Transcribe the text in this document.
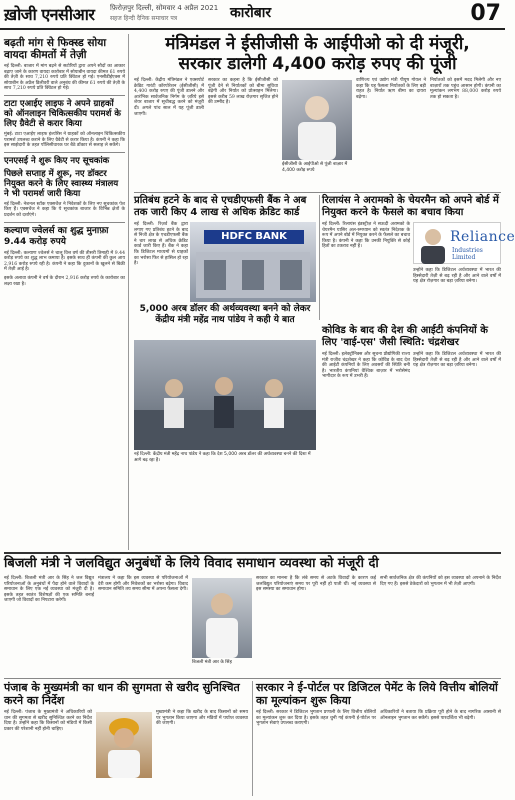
ख़ोजी एनसीआर फ़िरोज़पुर दिल्ली, सोमवार 4 अप्रैल 2021
सहज हिन्दी दैनिक समाचार पत्र	कारोबार	07
बढ़ती मांग से फिक्स्ड सोया वायदा कीमतों में तेज़ी
नई दिल्ली: बाजार में मांग बढ़ने से सटोरियों द्वारा अपने सौदों का आकार बढ़ाए जाने के कारण वायदा कारोबार में सोयाबीन वायदा कीमत 61 रुपये की तेज़ी के साथ 7,210 रुपये प्रति क्विंटल हो गई। एनसीडीईएक्स में सोयाबीन के अप्रैल डिलीवरी वाले अनुबंध की कीमत 61 रुपये की तेज़ी के साथ 7,210 रुपये प्रति क्विंटल हो गई।
टाटा एआईए लाइफ ने अपने ग्राहकों को ऑनलाइन चिकित्सकीय परामर्श के लिए ग्रैवेटी से करार किया
मुंबई: टाटा एआईए लाइफ इंश्योरेंस ने ग्राहकों को ऑनलाइन चिकित्सकीय परामर्श उपलब्ध कराने के लिए ग्रैवेटी से करार किया है। कंपनी ने कहा कि इस साझेदारी के तहत पॉलिसीधारक घर बैठे डॉक्टर से सलाह ले सकेंगे।
एनएसई ने शुरू किए नए सूचकांक
पिछले सप्ताह में शुरू, नए डॉक्टर नियुक्त करने के लिए स्वास्थ्य मंत्रालय ने भी परामर्श जारी किया
नई दिल्ली: नेशनल स्टॉक एक्सचेंज ने निवेशकों के लिए नए सूचकांक पेश किए हैं। एक्सचेंज ने कहा कि ये सूचकांक बाजार के विभिन्न क्षेत्रों के प्रदर्शन को दर्शाएंगे।
कल्याण ज्वेलर्स का शुद्ध मुनाफ़ा 9.44 करोड़ रुपये
नई दिल्ली: कल्याण ज्वेलर्स ने चालू वित्त वर्ष की तीसरी तिमाही में 9.44 करोड़ रुपये का शुद्ध लाभ कमाया है। इसके साथ ही कंपनी की कुल आय 2,916 करोड़ रुपये रही है। कंपनी ने कहा कि दुकानों के खुलने से बिक्री में तेज़ी आई है।
इसके अलावा कंपनी ने वर्ष के दौरान 2,916 करोड़ रुपये के कारोबार का लक्ष्य रखा है।
मंत्रिमंडल ने ईसीजीसी के आईपीओ को दी मंजूरी,
सरकार डालेगी 4,400 करोड़ रुपए की पूंजी
नई दिल्ली: केंद्रीय मंत्रिमंडल ने एक्सपोर्ट क्रेडिट गारंटी कॉरपोरेशन (ईसीजीसी) में 4,400 करोड़ रुपए की पूंजी डालने और आरंभिक सार्वजनिक निर्गम के ज़रिये इसे शेयर बाजार में सूचीबद्ध करने को मंज़ूरी दी। अगले पांच साल में यह पूंजी डाली जाएगी।
सरकार का कहना है कि ईसीजीसी को पूंजी देने से निर्यातकों को बीमा सुविधा बढ़ेगी और निर्यात को प्रोत्साहन मिलेगा। इससे करीब 59 लाख रोज़गार सृजित होने की उम्मीद है।
ईसीजीसी के आईपीओ से पूंजी बाज़ार में 4,400 करोड़ रुपये
वाणिज्य एवं उद्योग मंत्री पीयूष गोयल ने कहा कि यह फैसला निर्यातकों के लिए बड़ी राहत है। निर्यात ऋण बीमा का दायरा बढ़ेगा।
निर्यातकों को इसमें मदद मिलेगी और नए बाज़ारों तक पहुंच आसान होगी। कंपनी का मूल्यांकन लगभग 88,000 करोड़ रुपये तक हो सकता है।
प्रतिबंध हटने के बाद से एचडीएफसी बैंक ने अब तक जारी किए 4 लाख से अधिक क्रेडिट कार्ड
नई दिल्ली: रिज़र्व बैंक द्वारा लगाए गए प्रतिबंध हटने के बाद से निजी क्षेत्र के एचडीएफसी बैंक ने चार लाख से अधिक क्रेडिट कार्ड जारी किए हैं। बैंक ने कहा कि डिजिटल माध्यमों से ग्राहकों का भरोसा फिर से हासिल हो रहा है।
HDFC BANK
रिलायंस ने अरामको के चेयरमैन को अपने बोर्ड में नियुक्त करने के फैसले का बचाव किया
नई दिल्ली: रिलायंस इंडस्ट्रीज़ ने सऊदी अरामको के चेयरमैन यासिर अल-रुमय्यान को स्वतंत्र निदेशक के रूप में अपने बोर्ड में नियुक्त करने के फैसले का बचाव किया है। कंपनी ने कहा कि उनकी नियुक्ति से कोई हितों का टकराव नहीं है।
Reliance
Industries Limited
उन्होंने कहा कि डिजिटल अर्थव्यवस्था में भारत की हिस्सेदारी तेज़ी से बढ़ रही है और आने वाले वर्षों में यह क्षेत्र रोज़गार का बड़ा ज़रिया बनेगा।
5,000 अरब डॉलर की अर्थव्यवस्था बनने को लेकर केंद्रीय मंत्री महेंद्र नाथ पांडेय ने कही ये बात
नई दिल्ली: केंद्रीय मंत्री महेंद्र नाथ पांडेय ने कहा कि देश 5,000 अरब डॉलर की अर्थव्यवस्था बनने की दिशा में आगे बढ़ रहा है।
कोविड के बाद की देश की आईटी कंपनियों के लिए 'वाई-एस' जैसी स्थिति: चंद्रशेखर
नई दिल्ली: इलेक्ट्रॉनिक्स और सूचना प्रौद्योगिकी राज्य मंत्री राजीव चंद्रशेखर ने कहा कि कोविड के बाद देश की आईटी कंपनियों के लिए अवसरों की स्थिति बनी है। भारतीय कंपनियां वैश्विक बाज़ार में भरोसेमंद भागीदार के रूप में उभरी हैं।
उन्होंने कहा कि डिजिटल अर्थव्यवस्था में भारत की हिस्सेदारी तेज़ी से बढ़ रही है और आने वाले वर्षों में यह क्षेत्र रोज़गार का बड़ा ज़रिया बनेगा।
बिजली मंत्री ने जलविद्युत अनुबंधों के लिये विवाद समाधान व्यवस्था को मंजूरी दी
नई दिल्ली: बिजली मंत्री आर के सिंह ने जल विद्युत परियोजनाओं के अनुबंधों में पैदा होने वाले विवादों के समाधान के लिए एक नई व्यवस्था को मंज़ूरी दी है। इसके तहत स्वतंत्र विशेषज्ञों की एक समिति बनाई जाएगी जो विवादों का निपटारा करेगी।
मंत्रालय ने कहा कि इस व्यवस्था से परियोजनाओं में देरी कम होगी और निवेशकों का भरोसा बढ़ेगा। विवाद समाधान समिति तय समय सीमा में अपना फैसला देगी।
बिजली मंत्री आर के सिंह
सरकार का मानना है कि लंबे समय से अटके विवादों के कारण कई जलविद्युत परियोजनाएं समय पर पूरी नहीं हो पाती थीं। नई व्यवस्था से इस समस्या का समाधान होगा।
सभी सार्वजनिक क्षेत्र की कंपनियों को इस व्यवस्था को अपनाने के निर्देश दिए गए हैं। इससे ठेकेदारों को भुगतान में भी तेज़ी आएगी।
पंजाब के मुख्यमंत्री का धान की सुगमता से खरीद सुनिश्चित करने का निर्देश
नई दिल्ली: पंजाब के मुख्यमंत्री ने अधिकारियों को धान की सुगमता से खरीद सुनिश्चित करने का निर्देश दिया है। उन्होंने कहा कि किसानों को मंडियों में किसी प्रकार की परेशानी नहीं होनी चाहिए।
मुख्यमंत्री ने कहा कि खरीद के बाद किसानों को समय पर भुगतान किया जाएगा और मंडियों में पर्याप्त व्यवस्था की जाएगी।
सरकार ने ई-पोर्टल पर डिजिटल पेमेंट के लिये वित्तीय बोलियों का मूल्यांकन शुरू किया
नई दिल्ली: सरकार ने डिजिटल भुगतान प्रणाली के लिए वित्तीय बोलियों का मूल्यांकन शुरू कर दिया है। इसके तहत चुनी गई कंपनी ई-पोर्टल पर भुगतान सेवाएं उपलब्ध कराएगी।
अधिकारियों ने बताया कि प्रक्रिया पूरी होने के बाद नागरिक आसानी से ऑनलाइन भुगतान कर सकेंगे। इससे पारदर्शिता भी बढ़ेगी।
